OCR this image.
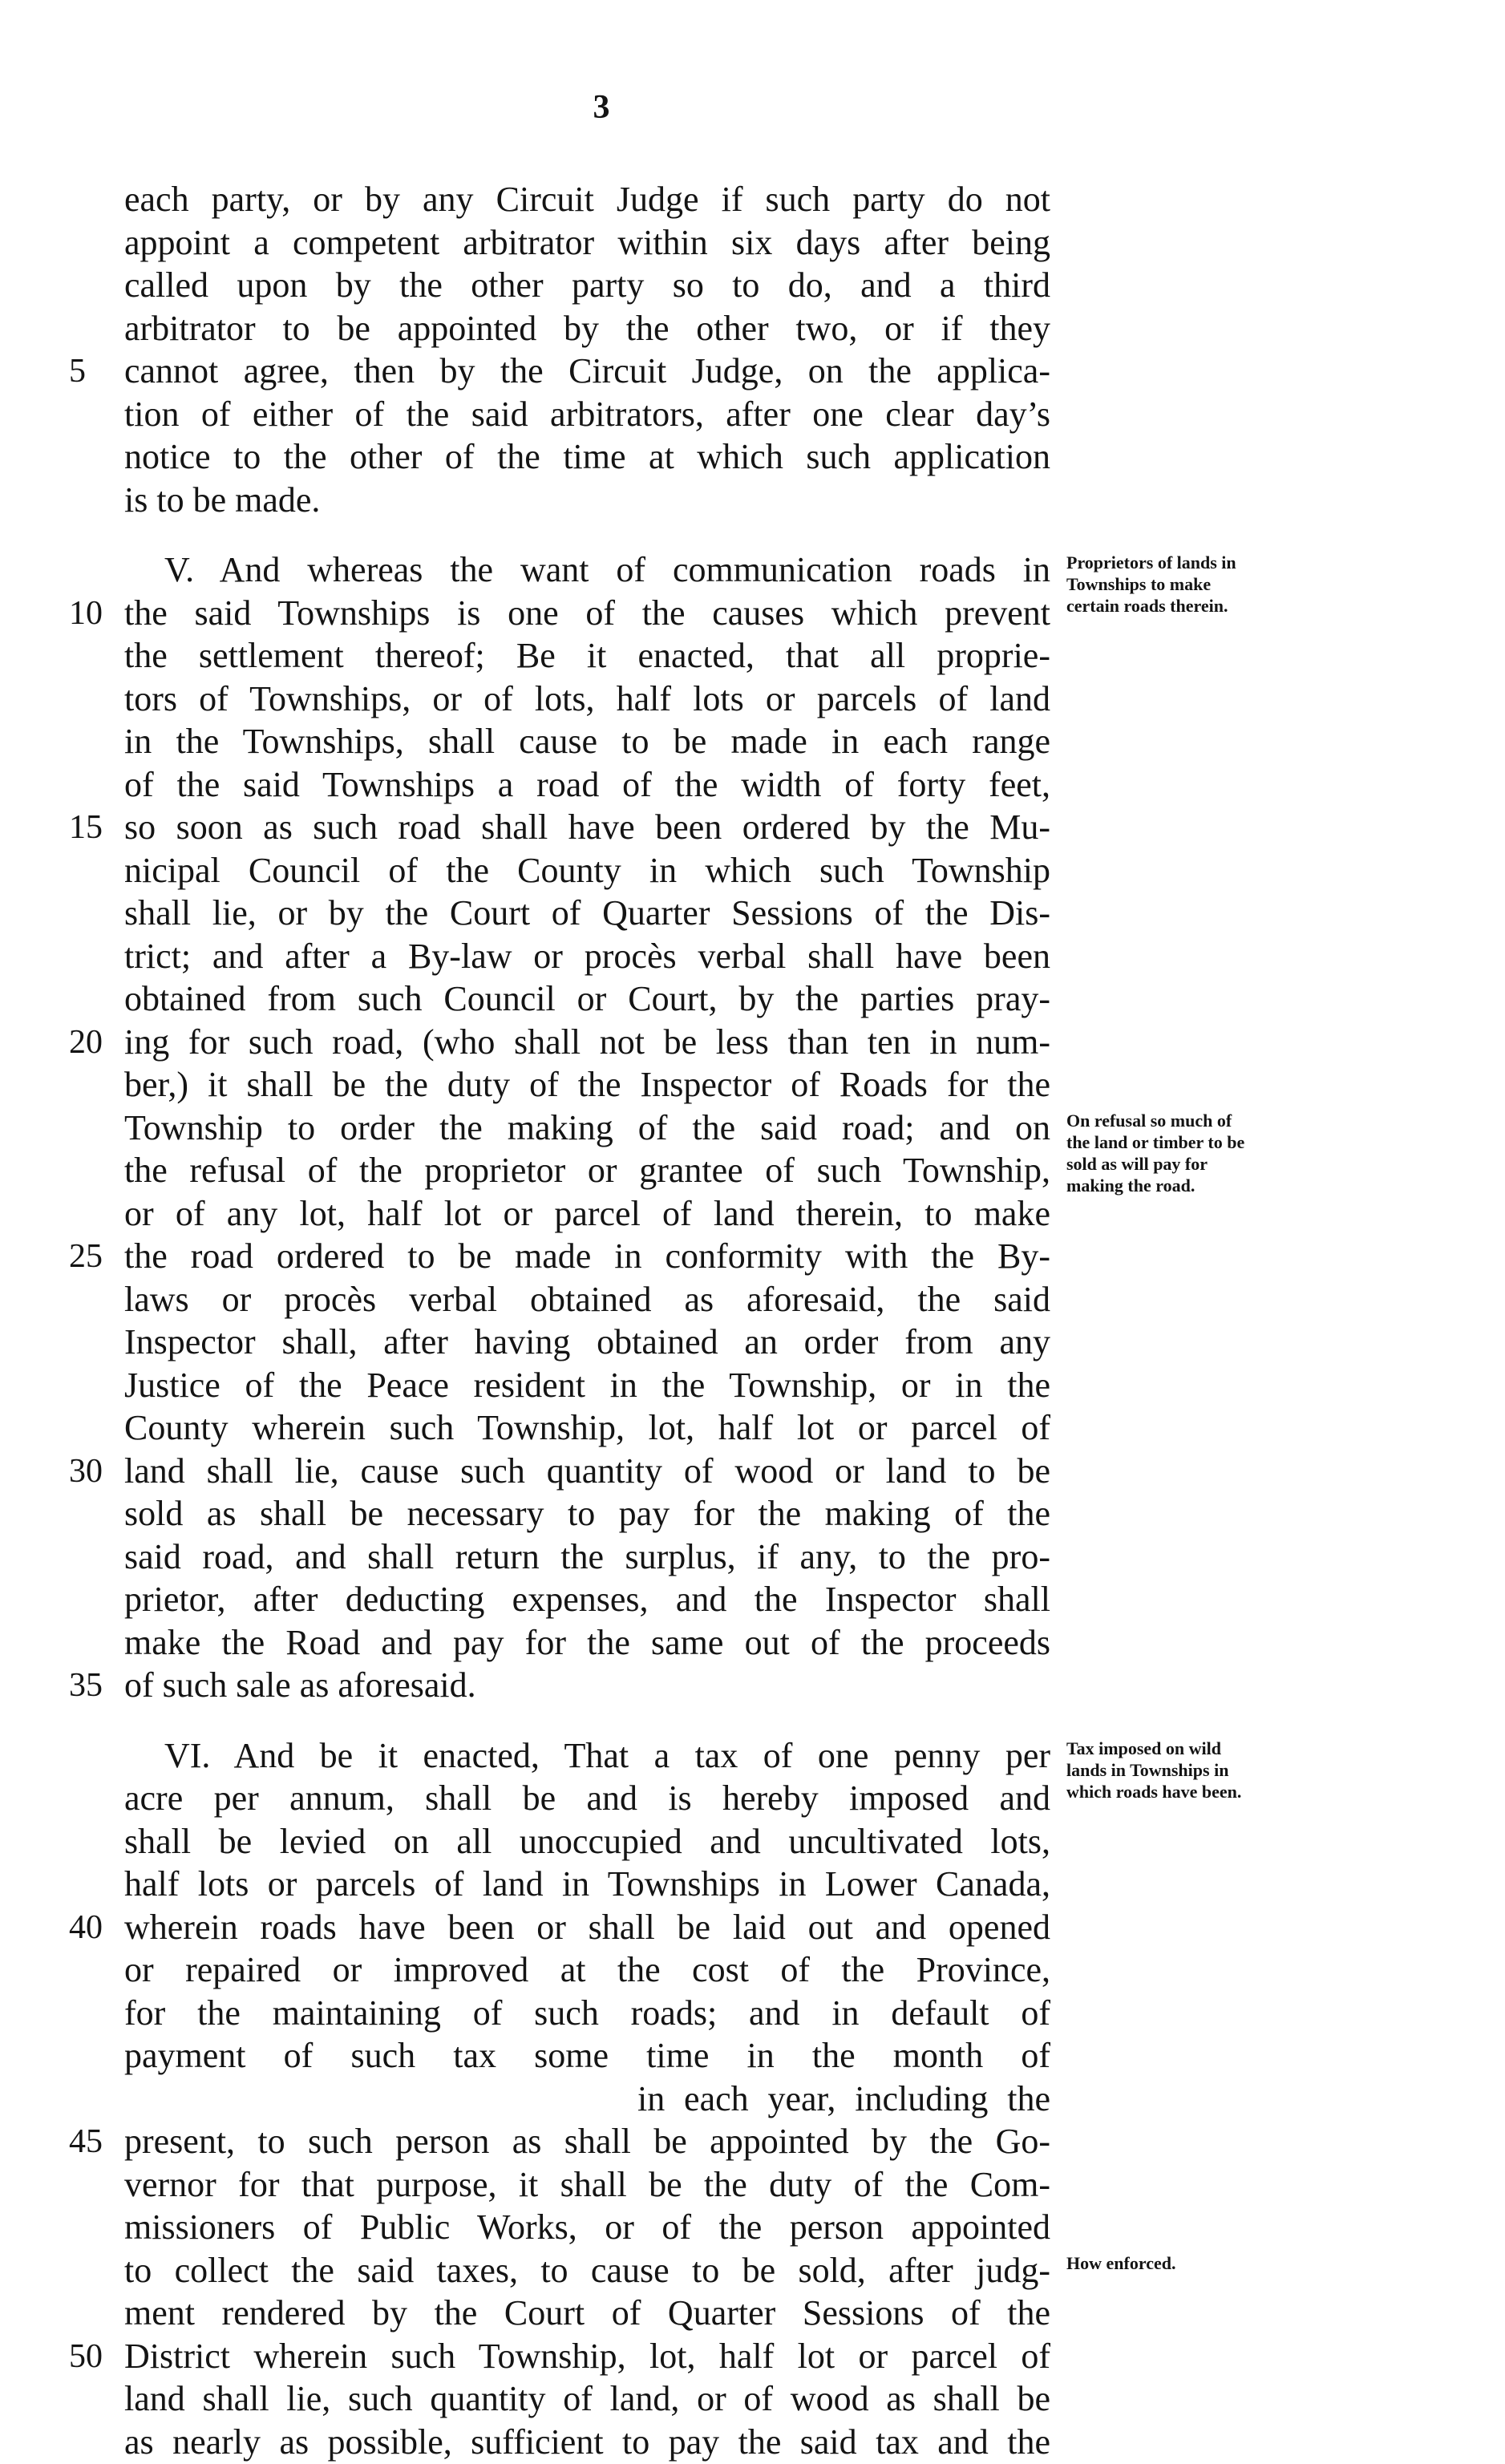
3
each party, or by any Circuit Judge if such party do not
appoint a competent arbitrator within six days after being
called upon by the other party so to do, and a third
arbitrator to be appointed by the other two, or if they
cannot agree, then by the Circuit Judge, on the applica-
5
tion of either of the said arbitrators, after one clear day’s
notice to the other of the time at which such application
is to be made.
V. And whereas the want of communication roads in
the said Townships is one of the causes which prevent
10
the settlement thereof; Be it enacted, that all proprie-
tors of Townships, or of lots, half lots or parcels of land
in the Townships, shall cause to be made in each range
of the said Townships a road of the width of forty feet,
so soon as such road shall have been ordered by the Mu-
15
nicipal Council of the County in which such Township
shall lie, or by the Court of Quarter Sessions of the Dis-
trict; and after a By-law or procès verbal shall have been
obtained from such Council or Court, by the parties pray-
ing for such road, (who shall not be less than ten in num-
20
ber,) it shall be the duty of the Inspector of Roads for the
Township to order the making of the said road; and on
the refusal of the proprietor or grantee of such Township,
or of any lot, half lot or parcel of land therein, to make
the road ordered to be made in conformity with the By-
25
laws or procès verbal obtained as aforesaid, the said
Inspector shall, after having obtained an order from any
Justice of the Peace resident in the Township, or in the
County wherein such Township, lot, half lot or parcel of
land shall lie, cause such quantity of wood or land to be
30
sold as shall be necessary to pay for the making of the
said road, and shall return the surplus, if any, to the pro-
prietor, after deducting expenses, and the Inspector shall
make the Road and pay for the same out of the proceeds
of such sale as aforesaid.
35
VI. And be it enacted, That a tax of one penny per
acre per annum, shall be and is hereby imposed and
shall be levied on all unoccupied and uncultivated lots,
half lots or parcels of land in Townships in Lower Canada,
wherein roads have been or shall be laid out and opened
40
or repaired or improved at the cost of the Province,
for the maintaining of such roads; and in default of
payment of such tax some time in the month of
in each year, including the
present, to such person as shall be appointed by the Go-
45
vernor for that purpose, it shall be the duty of the Com-
missioners of Public Works, or of the person appointed
to collect the said taxes, to cause to be sold, after judg-
ment rendered by the Court of Quarter Sessions of the
District wherein such Township, lot, half lot or parcel of
50
land shall lie, such quantity of land, or of wood as shall be
as nearly as possible, sufficient to pay the said tax and the
Proprietors of lands in Townships to make certain roads therein.
On refusal so much of the land or timber to be sold as will pay for making the road.
Tax imposed on wild lands in Townships in which roads have been.
How enforced.
